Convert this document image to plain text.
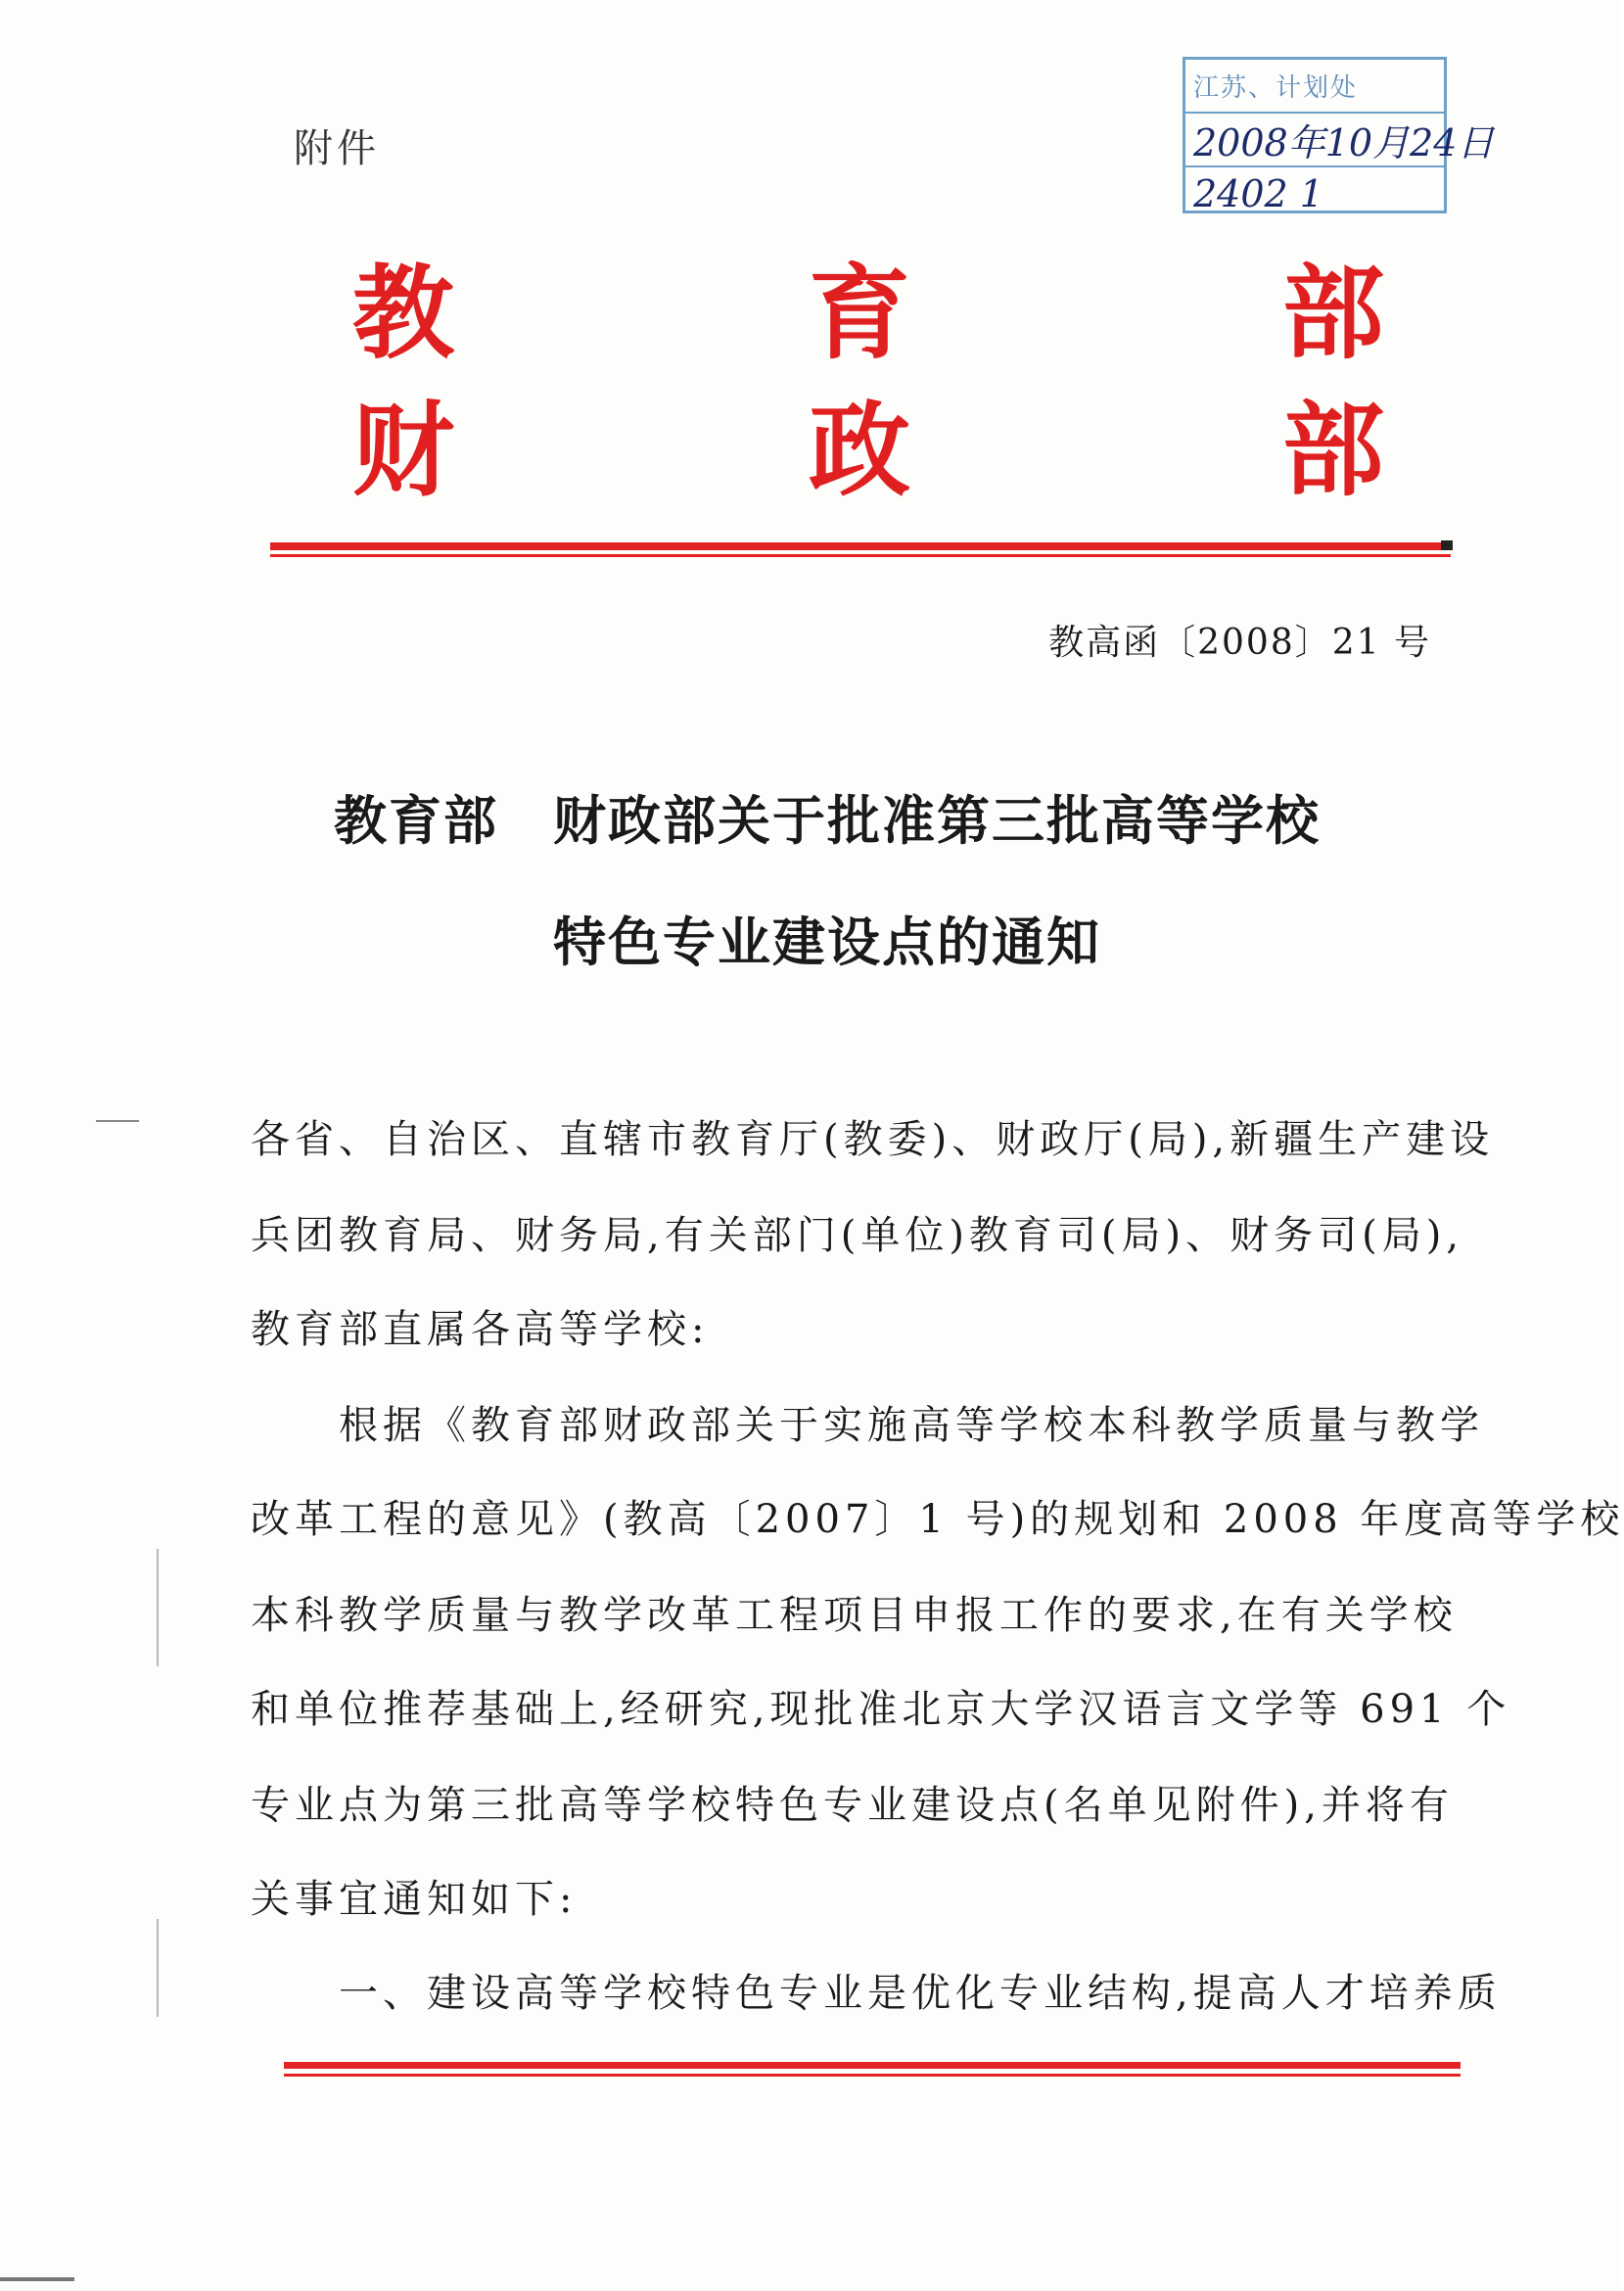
附件
江苏、计划处
2008年10月24日
2402 1
教	育	部
财	政	部
教高函〔2008〕21 号
教育部　财政部关于批准第三批高等学校
特色专业建设点的通知
各省、自治区、直辖市教育厅(教委)、财政厅(局),新疆生产建设
兵团教育局、财务局,有关部门(单位)教育司(局)、财务司(局),
教育部直属各高等学校:
　　根据《教育部财政部关于实施高等学校本科教学质量与教学
改革工程的意见》(教高〔2007〕1 号)的规划和 2008 年度高等学校
本科教学质量与教学改革工程项目申报工作的要求,在有关学校
和单位推荐基础上,经研究,现批准北京大学汉语言文学等 691 个
专业点为第三批高等学校特色专业建设点(名单见附件),并将有
关事宜通知如下:
　　一、建设高等学校特色专业是优化专业结构,提高人才培养质
